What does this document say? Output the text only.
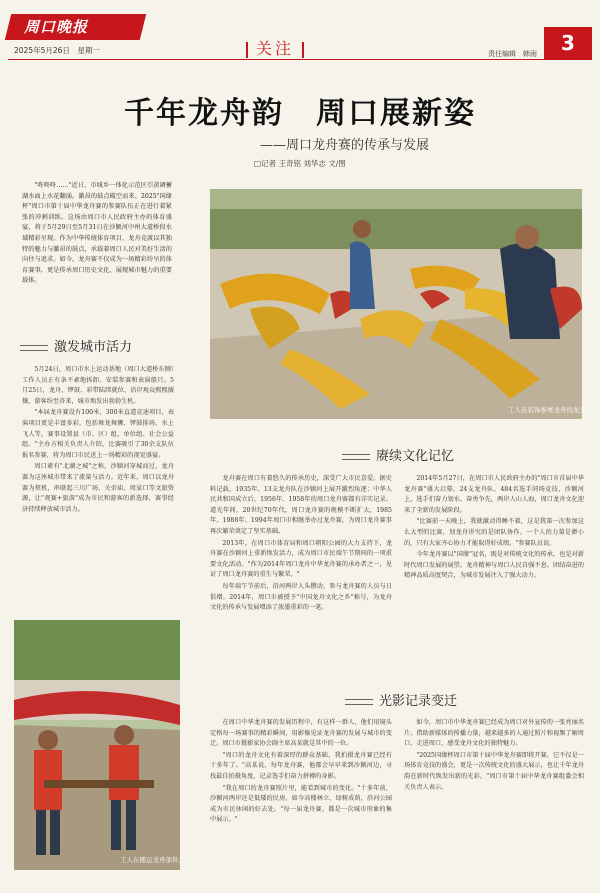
周口晚报
2025年5月26日　星期一	关注	责任编辑　韩雨	3
千年龙舟韵　周口展新姿
——周口龙舟赛的传承与发展
□记者 王奇铭 刘华志 文/图

"咚咚咚……"近日，市城乡一体化示范区引黄调蓄湖水面上水花翻涌，激昂的鼓点破空而来。2025"国缘杯"周口市第十届中华龙舟赛的参赛队伍正在进行着紧张的冲刺训练。这场由周口市人民政府主办的体育盛宴，将于5月29日至5月31日在沙颍河中州大道桥段水域精彩呈现。作为中华传统体育项目，龙舟竞渡以其独特的魅力与激昂的鼓点，承载着周口人民对美好生活的向往与追求。如今，龙舟赛不仅成为一场精彩纷呈的体育赛事，更是传承周口历史文化、展现城市魅力的重要载体。

激发城市活力

5月24日，周口市水上运动基地（周口大道桥东侧）工作人员正有条不紊地拆卸、安装参赛和表演船只。5月25日，龙舟、锣鼓、彩带陆续就位，沿岸观众熙熙攘攘，游客纷至沓来，城市焕发出勃勃生机。

"本届龙舟赛设有100米、300米直道竞速项目，表演项目更是丰富多彩，包括舞龙舞狮、锣鼓排场、水上飞人等，赛事设置县（市、区）组、单位组、社会公益组。"主办方相关负责人介绍，比赛吸引了30余支队伍报名参赛，将为周口市民送上一场精彩的视觉盛宴。

周口素有"北湖之城"之称，沙颍河穿城而过，龙舟赛为这座城市带来了流量与活力。近年来，周口以龙舟赛为契机，串联起三川广场、关帝庙、周家口等文旅资源，让"观赛+旅游"成为市民和游客的新选择，赛事经济持续释放城市活力。

工人在装饰参赛龙舟的龙头。
赓续文化记忆

龙舟赛在周口有着悠久的传承历史，深受广大市民喜爱。据史料记载，1935年、13支龙舟队在沙颍河上展开激烈角逐；中华人民共和国成立后，1956年、1958年的周口龙舟赛都有详实记录。道光年间，20世纪70年代，周口龙舟赛的规模不断扩大，1985年、1988年、1994年周口市相继举办过龙舟赛，为周口龙舟赛事再次繁荣奠定了坚实基础。

2013年，在周口市体育局和周口朝阳公园的大力支持下，龙舟赛在沙颍河上重新焕发活力，成为周口市民端午节期间的一项重要文化活动。"作为2014年周口龙舟中华龙舟赛的承办者之一，见证了周口龙舟赛的重生与繁荣。"

每年端午节前后，沿河两岸人头攒动，参与龙舟赛的人员与日俱增。2014年，周口市被授予"中国龙舟文化之乡"称号，为龙舟文化的传承与发展增添了浓墨重彩的一笔。

2014年5月27日，在周口市人民政府主办的"周口市首届中华龙舟赛"盛大启幕，24支龙舟队、484名选手同场竞技，沙颍河上，选手们奋力划水、奋勇争先，两岸人山人海，周口龙舟文化迎来了全新的发展阶段。

"比赛前一天晚上，我就激动得睡不着，这是我第一次参加这么大型的比赛，划龙舟讲究的是团队协作，一个人的力量是渺小的，只有大家齐心协力才能取得好成绩。"参赛队员说。

今年龙舟赛以"国缘"冠名，既是对传统文化的传承，也是对新时代周口发展的展望。龙舟精神与周口人民自强不息、团结奋进的精神品质高度契合，为城市发展注入了强大动力。

工人在搬运龙舟部件。
光影记录变迁

在周口中华龙舟赛的发展历程中，有这样一群人，他们用镜头定格每一场赛事的精彩瞬间，用影像见证龙舟赛的发展与城市的变迁。周口市摄影家协会副主席高某就是其中的一位。

"周口的龙舟文化有着深厚的群众基础，我拍摄龙舟赛已经有十多年了。"高某说，每年龙舟赛，他都会早早来到沙颍河边，寻找最佳拍摄角度，记录选手们奋力拼搏的身影。

"我在周口的龙舟赛照片里，能看到城市的变化。"十多年前，沙颍河两岸还是低矮的民房，如今高楼林立、绿树成荫，沿河公园成为市民休闲的好去处。"每一届龙舟赛，都是一次城市形象的集中展示。"

如今，周口市中华龙舟赛已经成为周口对外宣传的一张亮丽名片。借助新媒体的传播力量，越来越多的人通过照片和视频了解周口、走进周口，感受龙舟文化的独特魅力。

"2025国缘杯周口市第十届中华龙舟赛即将开赛，它不仅是一场体育竞技的盛会，更是一次传统文化的盛大展示，也让千年龙舟韵在新时代焕发出新的光彩。"周口市第十届中华龙舟赛组委会相关负责人表示。
